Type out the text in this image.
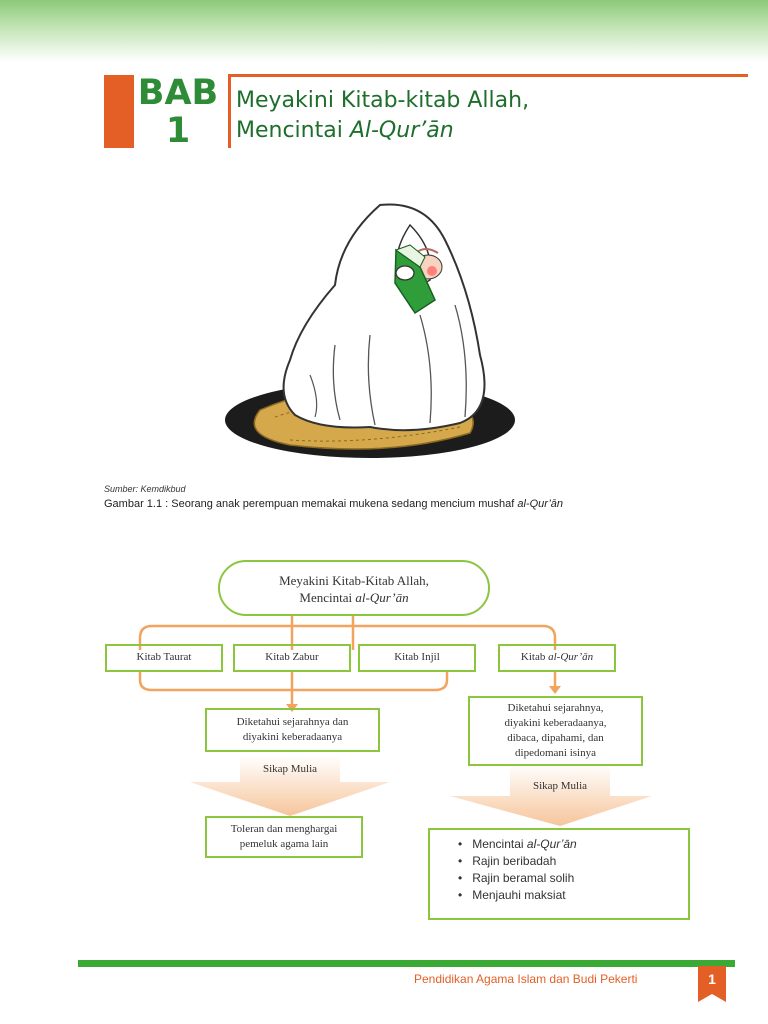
BAB
1
Meyakini Kitab-kitab Allah,
Mencintai Al-Qur’ān
Sumber: Kemdikbud
Gambar 1.1 : Seorang anak perempuan memakai mukena sedang mencium mushaf al-Qur’ān
Meyakini Kitab-Kitab Allah,
Mencintai al-Qur’ān
Kitab Taurat	Kitab Zabur	Kitab Injil	Kitab al-Qur’ān
Diketahui sejarahnya dan
diyakini keberadaanya
Diketahui sejarahnya,
diyakini keberadaanya,
dibaca, dipahami, dan
dipedomani isinya
Sikap Mulia
Sikap Mulia
Toleran dan menghargai
pemeluk agama lain	•   Mencintai al-Qur’ān
•   Rajin beribadah
•   Rajin beramal solih
•   Menjauhi maksiat
Pendidikan Agama Islam dan Budi Pekerti	1
